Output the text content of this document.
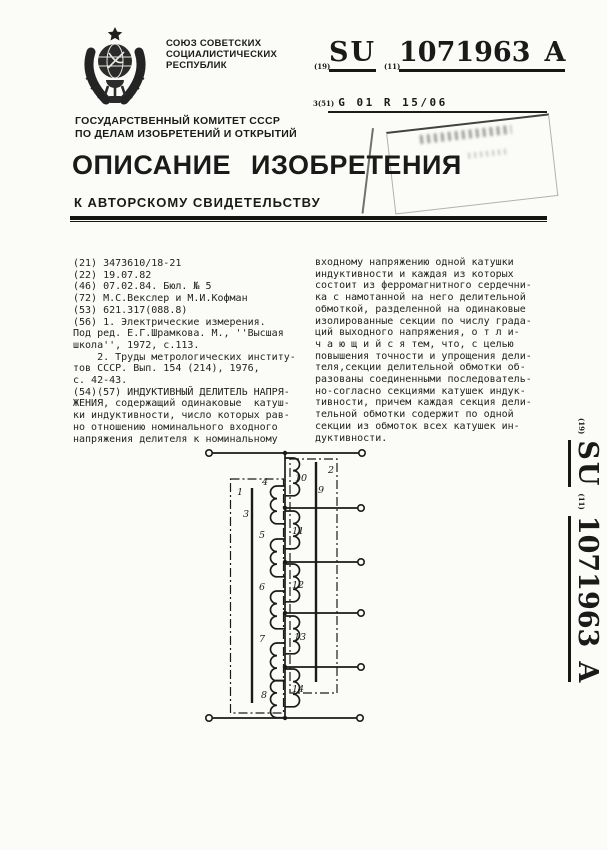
СОЮЗ СОВЕТСКИХ
СОЦИАЛИСТИЧЕСКИХ
РЕСПУБЛИК	(19)
SU (11)
1071963 A
3(51) G 01 R 15/06
ГОСУДАРСТВЕННЫЙ КОМИТЕТ СССР
ПО ДЕЛАМ ИЗОБРЕТЕНИЙ И ОТКРЫТИЙ
ОПИСАНИЕ ИЗОБРЕТЕНИЯ
К АВТОРСКОМУ СВИДЕТЕЛЬСТВУ
(21) 3473610/18-21
(22) 19.07.82
(46) 07.02.84. Бюл. № 5
(72) М.С.Векслер и М.И.Кофман
(53) 621.317(088.8)
(56) 1. Электрические измерения.
Под ред. Е.Г.Шрамкова. М., ''Высшая
школа'', 1972, с.113.
2. Труды метрологических институ-
тов СССР. Вып. 154 (214), 1976,
с. 42-43.
(54)(57) ИНДУКТИВНЫЙ ДЕЛИТЕЛЬ НАПРЯ-
ЖЕНИЯ, содержащий одинаковые  катуш-
ки индуктивности, число которых рав-
но отношению номинального входного
напряжения делителя к номинальному
входному напряжению одной катушки
индуктивности и каждая из которых
состоит из ферромагнитного сердечни-
ка с намотанной на него делительной
обмоткой, разделенной на одинаковые
изолированные секции по числу града-
ций выходного напряжения, о т л и-
ч а ю щ и й с я тем, что, с целью
повышения точности и упрощения дели-
теля,секции делительной обмотки об-
разованы соединенными последователь-
но-согласно секциями катушек индук-
тивности, причем каждая секция дели-
тельной обмотки содержит по одной
секции из обмоток всех катушек ин-
дуктивности.
(19)
SU
(11)
1071963A
1
2
3
4
5
6
7
8
9
10
11
12
13
14
